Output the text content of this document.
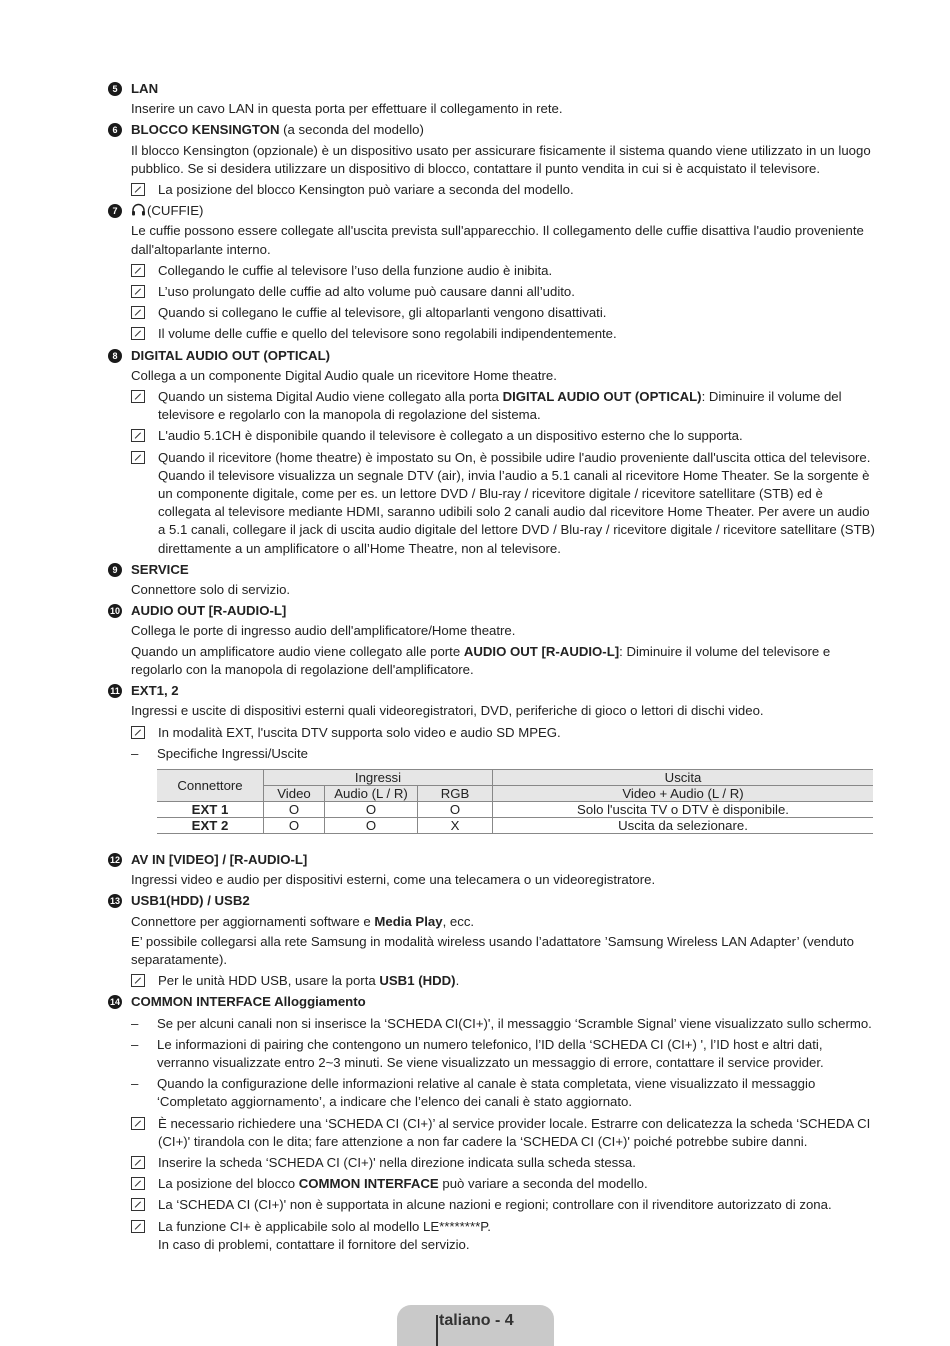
5	LAN
Inserire un cavo LAN in questa porta per effettuare il collegamento in rete.
6	BLOCCO KENSINGTON (a seconda del modello)
Il blocco Kensington (opzionale) è un dispositivo usato per assicurare fisicamente il sistema quando viene utilizzato in un luogo pubblico. Se si desidera utilizzare un dispositivo di blocco, contattare il punto vendita in cui si è acquistato il televisore.
La posizione del blocco Kensington può variare a seconda del modello.
7	(CUFFIE)
Le cuffie possono essere collegate all'uscita prevista sull'apparecchio. Il collegamento delle cuffie disattiva l'audio proveniente dall'altoparlante interno.
Collegando le cuffie al televisore l’uso della funzione audio è inibita.
L’uso prolungato delle cuffie ad alto volume può causare danni all’udito.
Quando si collegano le cuffie al televisore, gli altoparlanti vengono disattivati.
Il volume delle cuffie e quello del televisore sono regolabili indipendentemente.
8	DIGITAL AUDIO OUT (OPTICAL)
Collega a un componente Digital Audio quale un ricevitore Home theatre.
Quando un sistema Digital Audio viene collegato alla porta DIGITAL AUDIO OUT (OPTICAL): Diminuire il volume del televisore e regolarlo con la manopola di regolazione del sistema.
L'audio 5.1CH è disponibile quando il televisore è collegato a un dispositivo esterno che lo supporta.
Quando il ricevitore (home theatre) è impostato su On, è possibile udire l'audio proveniente dall'uscita ottica del televisore. Quando il televisore visualizza un segnale DTV (air), invia l’audio a 5.1 canali al ricevitore Home Theater. Se la sorgente è un componente digitale, come per es. un lettore DVD / Blu-ray / ricevitore digitale / ricevitore satellitare (STB) ed è collegata al televisore mediante HDMI, saranno udibili solo 2 canali audio dal ricevitore Home Theater. Per avere un audio a 5.1 canali, collegare il jack di uscita audio digitale del lettore DVD / Blu-ray / ricevitore digitale / ricevitore satellitare (STB) direttamente a un amplificatore o all’Home Theatre, non al televisore.
9	SERVICE
Connettore solo di servizio.
10 AUDIO OUT [R-AUDIO-L]
Collega le porte di ingresso audio dell'amplificatore/Home theatre.
Quando un amplificatore audio viene collegato alle porte AUDIO OUT [R-AUDIO-L]: Diminuire il volume del televisore e regolarlo con la manopola di regolazione dell'amplificatore.
11 EXT1, 2
Ingressi e uscite di dispositivi esterni quali videoregistratori, DVD, periferiche di gioco o lettori di dischi video.
In modalità EXT, l'uscita DTV supporta solo video e audio SD MPEG.
–	Specifiche Ingressi/Uscite
Connettore	Ingressi			Uscita
	Video	Audio (L / R)	RGB	Video + Audio (L / R)
EXT 1	O	O	O	Solo l'uscita TV o DTV è disponibile.
EXT 2	O	O	X	Uscita da selezionare.
12 AV IN [VIDEO] / [R-AUDIO-L]
Ingressi video e audio per dispositivi esterni, come una telecamera o un videoregistratore.
13 USB1(HDD) / USB2
Connettore per aggiornamenti software e Media Play, ecc.
E’ possibile collegarsi alla rete Samsung in modalità wireless usando l’adattatore ’Samsung Wireless LAN Adapter’ (venduto separatamente).
Per le unità HDD USB, usare la porta USB1 (HDD).
14 COMMON INTERFACE Alloggiamento
–	Se per alcuni canali non si inserisce la ‘SCHEDA CI(CI+)', il messaggio ‘Scramble Signal’ viene visualizzato sullo schermo.
–	Le informazioni di pairing che contengono un numero telefonico, l’ID della ‘SCHEDA CI (CI+) ', l’ID host e altri dati, verranno visualizzate entro 2~3 minuti. Se viene visualizzato un messaggio di errore, contattare il service provider.
–	Quando la configurazione delle informazioni relative al canale è stata completata, viene visualizzato il messaggio ‘Completato aggiornamento’, a indicare che l’elenco dei canali è stato aggiornato.
È necessario richiedere una ‘SCHEDA CI (CI+)’ al service provider locale. Estrarre con delicatezza la scheda ‘SCHEDA CI (CI+)' tirandola con le dita; fare attenzione a non far cadere la ‘SCHEDA CI (CI+)' poiché potrebbe subire danni.
Inserire la scheda ‘SCHEDA CI (CI+)' nella direzione indicata sulla scheda stessa.
La posizione del blocco COMMON INTERFACE può variare a seconda del modello.
La ‘SCHEDA CI (CI+)' non è supportata in alcune nazioni e regioni; controllare con il rivenditore autorizzato di zona.
La funzione CI+ è applicabile solo al modello LE********P.
In caso di problemi, contattare il fornitore del servizio.
taliano - 4
